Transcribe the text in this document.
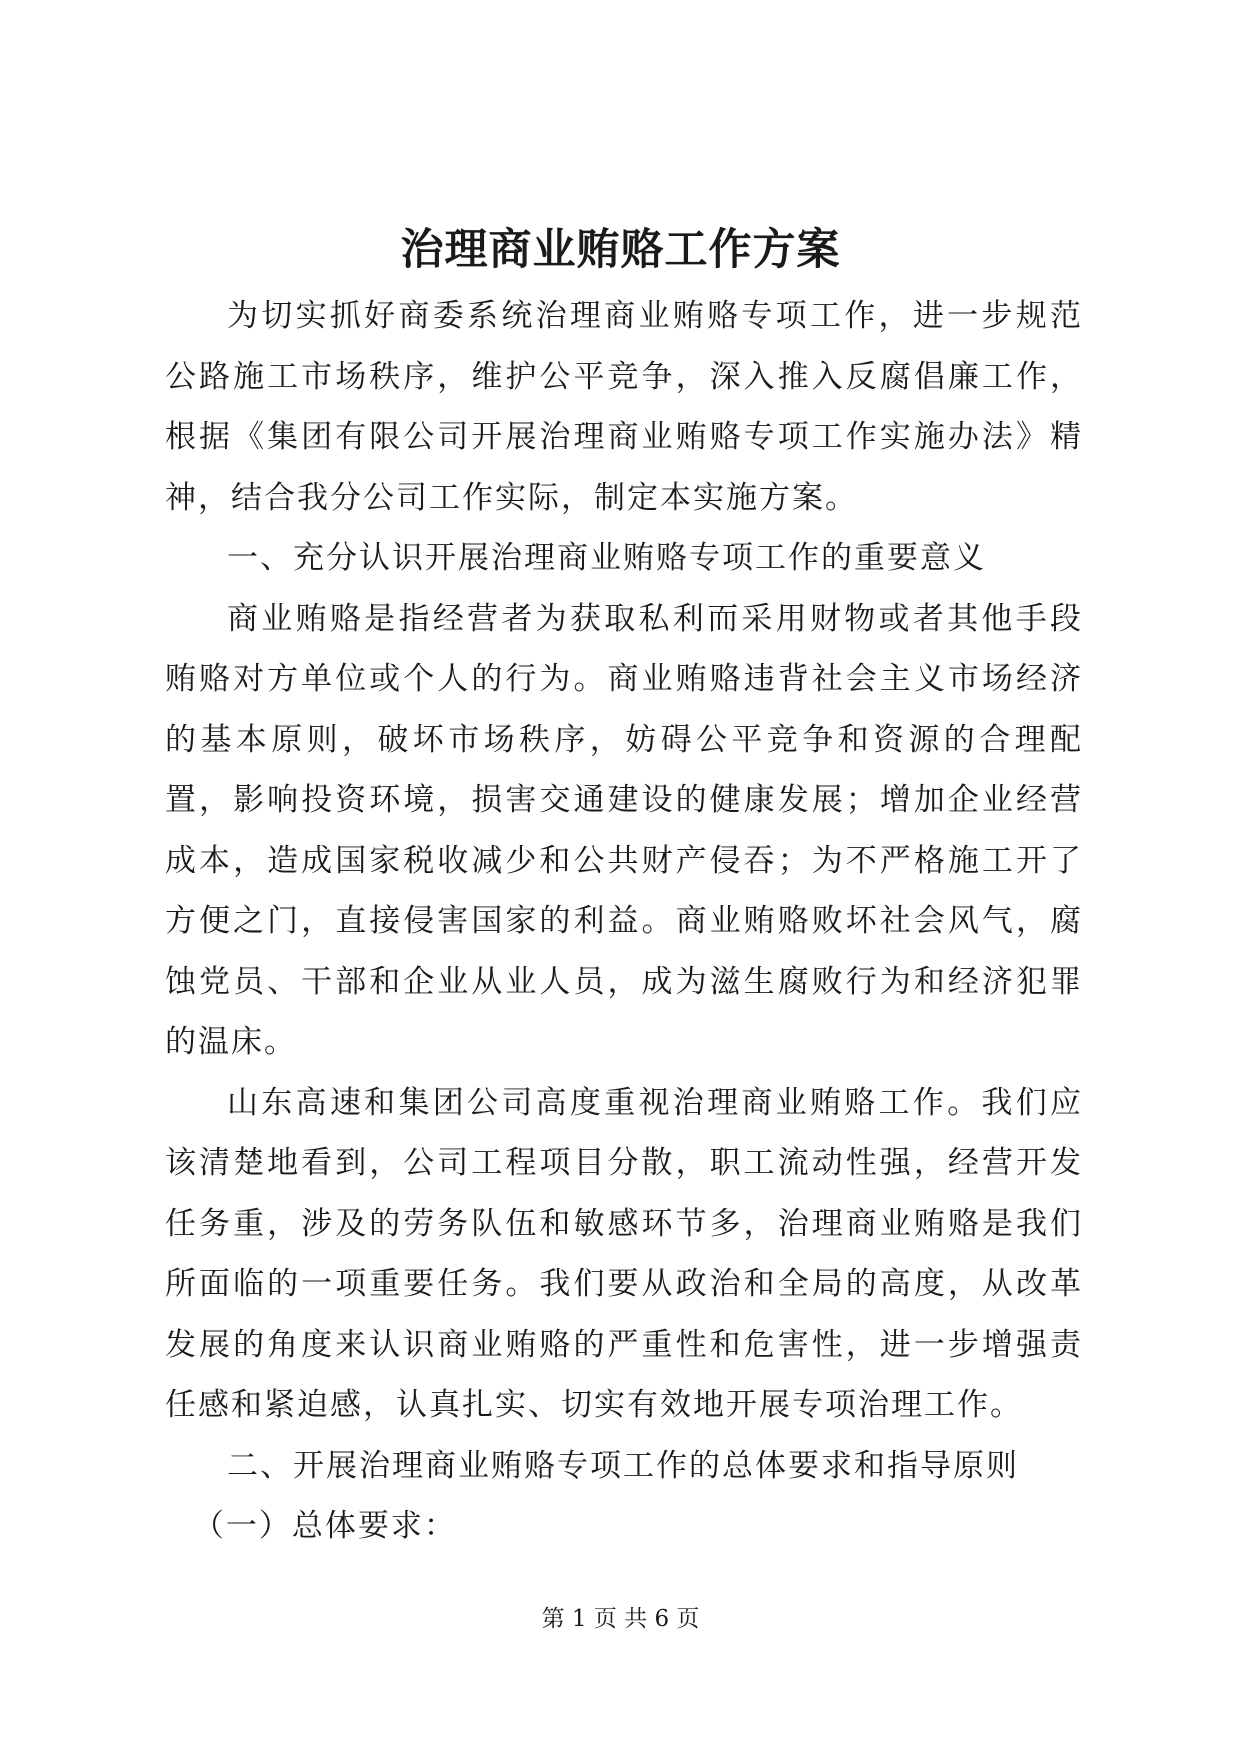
治理商业贿赂工作方案

为切实抓好商委系统治理商业贿赂专项工作，进一步规范公路施工市场秩序，维护公平竞争，深入推入反腐倡廉工作，根据《集团有限公司开展治理商业贿赂专项工作实施办法》精神，结合我分公司工作实际，制定本实施方案。

一、充分认识开展治理商业贿赂专项工作的重要意义

商业贿赂是指经营者为获取私利而采用财物或者其他手段贿赂对方单位或个人的行为。商业贿赂违背社会主义市场经济的基本原则，破坏市场秩序，妨碍公平竞争和资源的合理配置，影响投资环境，损害交通建设的健康发展；增加企业经营成本，造成国家税收减少和公共财产侵吞；为不严格施工开了方便之门，直接侵害国家的利益。商业贿赂败坏社会风气，腐蚀党员、干部和企业从业人员，成为滋生腐败行为和经济犯罪的温床。

山东高速和集团公司高度重视治理商业贿赂工作。我们应该清楚地看到，公司工程项目分散，职工流动性强，经营开发任务重，涉及的劳务队伍和敏感环节多，治理商业贿赂是我们所面临的一项重要任务。我们要从政治和全局的高度，从改革发展的角度来认识商业贿赂的严重性和危害性，进一步增强责任感和紧迫感，认真扎实、切实有效地开展专项治理工作。

二、开展治理商业贿赂专项工作的总体要求和指导原则

（一）总体要求：

第 1 页 共 6 页
